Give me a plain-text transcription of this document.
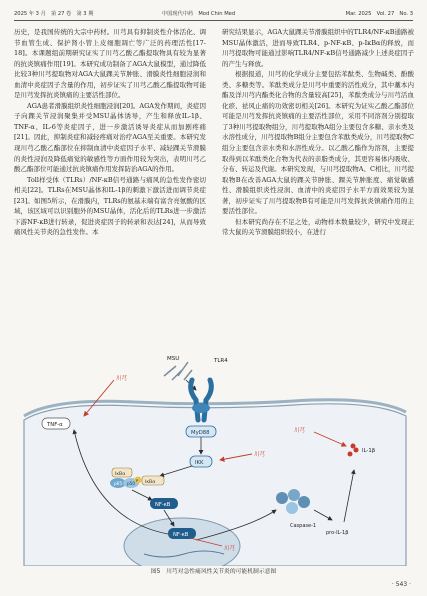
2025 年 3 月　第 27 卷　第 3 期	中国现代中药　Mod Chin Med	Mar. 2025　Vol. 27　No. 3

历史，是我国传统的大宗中药材。川芎具有抑制炎性介体活化、调节血管生成、保护肾小管上皮细胞凋亡等广泛的药理活性[17-18]。本课题组前期研究证实了川芎乙酸乙酯提取物具有较为显著的抗炎镇痛作用[19]。本研究成功制备了AGA大鼠模型，通过降低比较3种川芎提取物对AGA大鼠踝关节肿胀、滑膜炎性细胞浸润和血清中炎症因子含量的作用，初步证实了川芎乙酸乙酯提取物可能是川芎发挥抗炎镇痛的主要活性部位。

AGA患者滑膜组织炎性细胞浸润[20]。AGA发作期间，炎症因子向踝关节浸润聚集并受MSU晶体诱导，产生和释放IL-1β、TNF-α、IL-6等炎症因子，进一步激活诱导炎症从而加剧疼痛[21]。因此，抑制炎症和减轻疼痛对治疗AGA至关重要。本研究发现川芎乙酸乙酯部位在抑制血清中炎症因子水平、减轻踝关节滑膜的炎性浸润及降低痛觉的敏感性等方面作用较为突出，表明川芎乙酸乙酯部位可能通过抗炎镇痛作用发挥防治AGA的作用。

Toll样受体（TLRs）/NF-κB信号通路与痛风的急性发作密切相关[22]。TLRs在MSU晶体和IL-1β的刺激下激活进而调节炎症[23]。如图5所示，在滑膜内，TLRs的氨基末端有富含亮氨酸的区域，该区域可以识别胞外的MSU晶体，活化后的TLRs进一步激活下游NF-κB进行转录，促进炎症因子的转录和表达[24]，从而导致痛风性关节炎的急性发作。本

研究结果显示，AGA大鼠踝关节滑膜组织中的TLR4/NF-κB通路被MSU晶体激活，进而导致TLR4、p-NF-κB、p-IκBα的释放，而川芎提取物可能通过影响TLR4/NF-κB信号通路减少上述炎症因子的产生与释放。

根据报道，川芎的化学成分主要包括苯酞类、生物碱类、酚酸类、多糖类等。苯酞类成分是川芎中重要的活性成分，其中藁本内酯及洋川芎内酯类化合物的含量较高[25]，苯酞类成分与川芎活血化瘀、祛风止痛的功效密切相关[26]。本研究为证实乙酸乙酯部位可能是川芎发挥抗炎镇痛的主要活性部位，采用不同溶剂分别提取了3种川芎提取物组分，川芎提取物A组分主要包含多糖、亲水类及水溶性成分，川芎提取物B组分主要包含苯酞类成分，川芎提取物C组分主要包含亲水类和水溶性成分。以乙酸乙酯作为溶剂，主要提取得到以苯酞类化合物为代表的亲脂类成分，其更容易体内吸收、分布、转运及代谢。本研究发现，与川芎提取物A、C相比，川芎提取物B在改善AGA大鼠的踝关节肿胀、踝关节肿胀度、痛觉敏感性、滑膜组织炎性浸润、血清中的炎症因子水平方面效果较为显著，初步证实了川芎提取物B有可能是川芎发挥抗炎镇痛作用的主要活性部位。

但本研究尚存在不足之处，动物样本数量较少，研究中发现正常大鼠的关节滑膜组织较小，在进行

MSU	TLR4
MyD88
IKK
IκBα
p65 p50 IκBα
P
NF-κB
NF-κB
TNF-α
Caspase-1
pro-IL-1β
IL-1β
川芎
川芎
川芎
川芎
图5　川芎对急性痛风性关节炎的可能机制示意图
· 543 ·
